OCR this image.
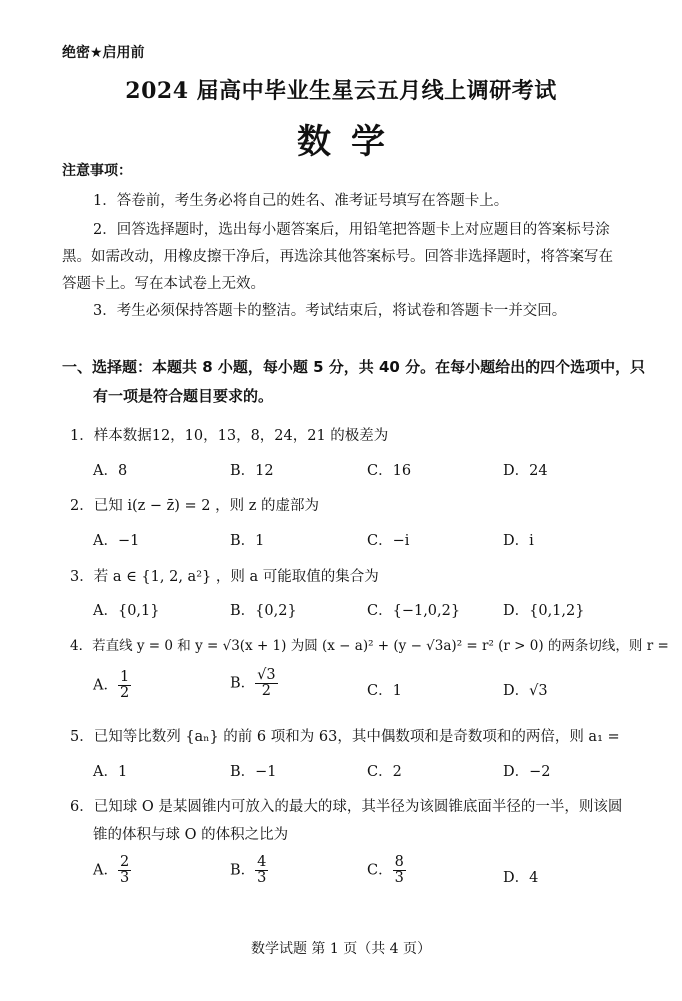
绝密★启用前
2024 届高中毕业生星云五月线上调研考试
数学
注意事项：
1．答卷前，考生务必将自己的姓名、准考证号填写在答题卡上。
2．回答选择题时，选出每小题答案后，用铅笔把答题卡上对应题目的答案标号涂
黑。如需改动，用橡皮擦干净后，再选涂其他答案标号。回答非选择题时，将答案写在
答题卡上。写在本试卷上无效。
3．考生必须保持答题卡的整洁。考试结束后，将试卷和答题卡一并交回。
一、选择题：本题共 8 小题，每小题 5 分，共 40 分。在每小题给出的四个选项中，只
有一项是符合题目要求的。
1．样本数据12，10，13，8，24，21 的极差为
A．8	B．12	C．16	D．24
2．已知 i(z − z̄) = 2 ，则 z 的虚部为
A．−1	B．1	C．−i	D．i
3．若 a ∈ {1, 2, a²} ，则 a 可能取值的集合为
A．{0,1}	B．{0,2}	C．{−1,0,2}	D．{0,1,2}
4．若直线 y = 0 和 y = √3(x + 1) 为圆 (x − a)² + (y − √3a)² = r² (r > 0) 的两条切线，则 r =
A． $\frac{1}{2}$	B． $\frac{√3}{2}$	C．1	D．√3
5．已知等比数列 {aₙ} 的前 6 项和为 63，其中偶数项和是奇数项和的两倍，则 a₁ =
A．1	B．−1	C．2	D．−2
6．已知球 O 是某圆锥内可放入的最大的球，其半径为该圆锥底面半径的一半，则该圆
锥的体积与球 O 的体积之比为
A． $\frac{2}{3}$	B． $\frac{4}{3}$	C． $\frac{8}{3}$	D．4
数学试题 第 1 页（共 4 页）
